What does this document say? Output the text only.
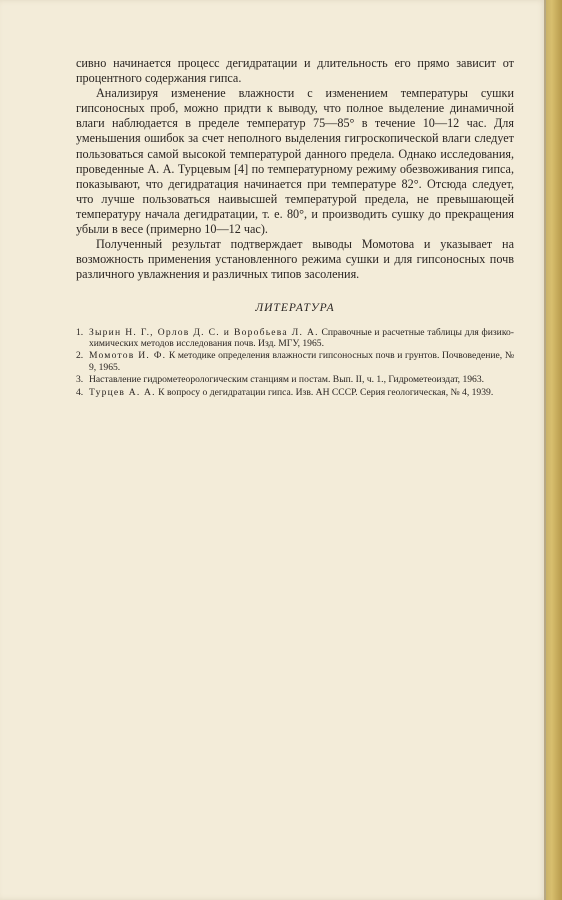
сивно начинается процесс дегидратации и длительность его прямо зависит от процентного содержания гипса.

Анализируя изменение влажности с изменением температуры сушки гипсоносных проб, можно придти к выводу, что полное выделение динамичной влаги наблюдается в пределе температур 75—85° в течение 10—12 час. Для уменьшения ошибок за счет неполного выделения гигроскопической влаги следует пользоваться самой высокой температурой данного предела. Однако исследования, проведенные А. А. Турцевым [4] по температурному режиму обезвоживания гипса, показывают, что дегидратация начинается при температуре 82°. Отсюда следует, что лучше пользоваться наивысшей температурой предела, не превышающей температуру начала дегидратации, т. е. 80°, и производить сушку до прекращения убыли в весе (примерно 10—12 час).

Полученный результат подтверждает выводы Момотова и указывает на возможность применения установленного режима сушки и для гипсоносных почв различного увлажнения и различных типов засоления.

ЛИТЕРАТУРА
1. Зырин Н. Г., Орлов Д. С. и Воробьева Л. А. Справочные и расчетные таблицы для физико-химических методов исследования почв. Изд. МГУ, 1965.
2. Момотов И. Ф. К методике определения влажности гипсоносных почв и грунтов. Почвоведение, № 9, 1965.
3. Наставление гидрометеорологическим станциям и постам. Вып. II, ч. 1., Гидрометеоиздат, 1963.
4. Турцев А. А. К вопросу о дегидратации гипса. Изв. АН СССР. Серия геологическая, № 4, 1939.
